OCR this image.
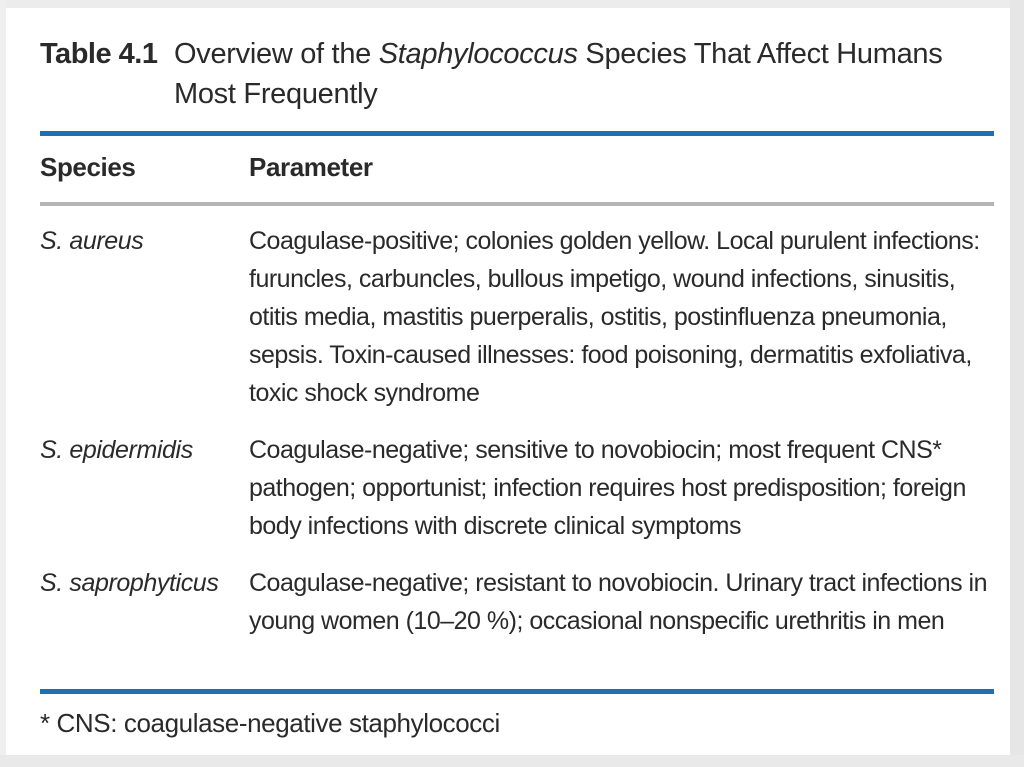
Table 4.1 Overview of the Staphylococcus Species That Affect Humans Most Frequently
Species	Parameter
S. aureus	Coagulase-positive; colonies golden yellow. Local purulent infections: furuncles, carbuncles, bullous impetigo, wound infections, sinusitis, otitis media, mastitis puerperalis, ostitis, postinfluenza pneumonia, sepsis. Toxin-caused illnesses: food poisoning, dermatitis exfoliativa, toxic shock syndrome
S. epidermidis Coagulase-negative; sensitive to novobiocin; most frequent CNS* pathogen; opportunist; infection requires host predisposition; foreign body infections with discrete clinical symptoms
S. saprophyticus Coagulase-negative; resistant to novobiocin. Urinary tract infections in young women (10–20 %); occasional nonspecific urethritis in men
* CNS: coagulase-negative staphylococci
